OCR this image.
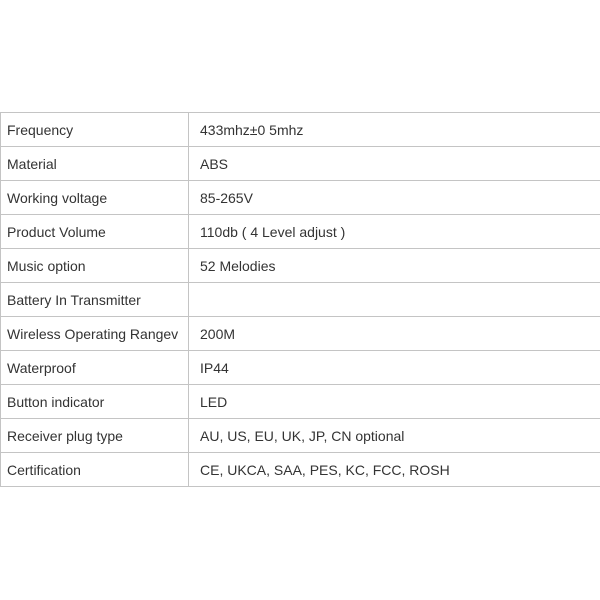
Frequency	433mhz±0 5mhz
Material	ABS
Working voltage	85-265V
Product Volume	110db ( 4 Level adjust )
Music option	52 Melodies
Battery In Transmitter	
Wireless Operating Rangev	200M
Waterproof	IP44
Button indicator	LED
Receiver plug type	AU, US, EU, UK, JP, CN optional
Certification	CE, UKCA, SAA, PES, KC, FCC, ROSH
